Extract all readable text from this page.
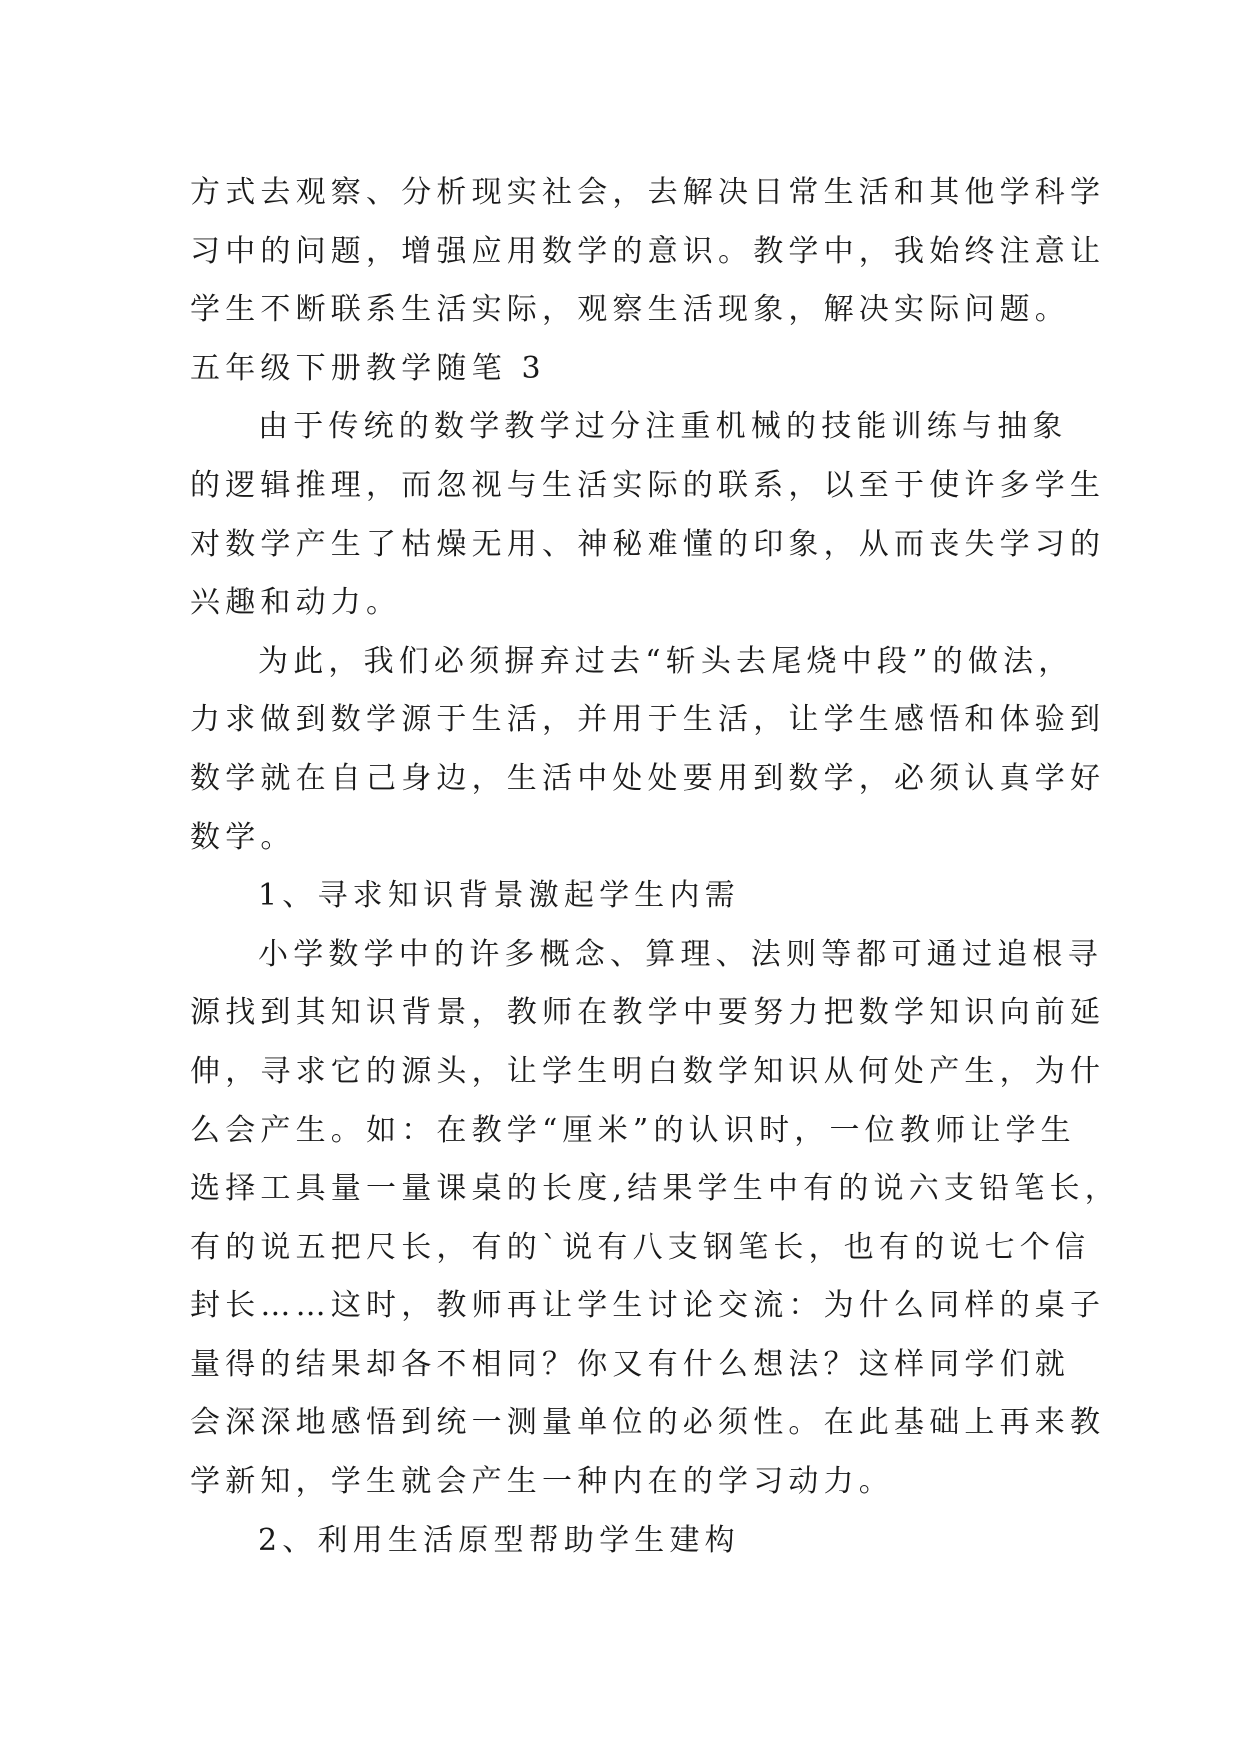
方式去观察、分析现实社会，去解决日常生活和其他学科学
习中的问题，增强应用数学的意识。教学中，我始终注意让
学生不断联系生活实际，观察生活现象，解决实际问题。
五年级下册教学随笔 3
由于传统的数学教学过分注重机械的技能训练与抽象
的逻辑推理，而忽视与生活实际的联系，以至于使许多学生
对数学产生了枯燥无用、神秘难懂的印象，从而丧失学习的
兴趣和动力。
为此，我们必须摒弃过去“斩头去尾烧中段”的做法，
力求做到数学源于生活，并用于生活，让学生感悟和体验到
数学就在自己身边，生活中处处要用到数学，必须认真学好
数学。
1、寻求知识背景激起学生内需
小学数学中的许多概念、算理、法则等都可通过追根寻
源找到其知识背景，教师在教学中要努力把数学知识向前延
伸，寻求它的源头，让学生明白数学知识从何处产生，为什
么会产生。如：在教学“厘米”的认识时，一位教师让学生
选择工具量一量课桌的长度,结果学生中有的说六支铅笔长，
有的说五把尺长，有的`说有八支钢笔长，也有的说七个信
封长……这时，教师再让学生讨论交流：为什么同样的桌子
量得的结果却各不相同？你又有什么想法？这样同学们就
会深深地感悟到统一测量单位的必须性。在此基础上再来教
学新知，学生就会产生一种内在的学习动力。
2、利用生活原型帮助学生建构
